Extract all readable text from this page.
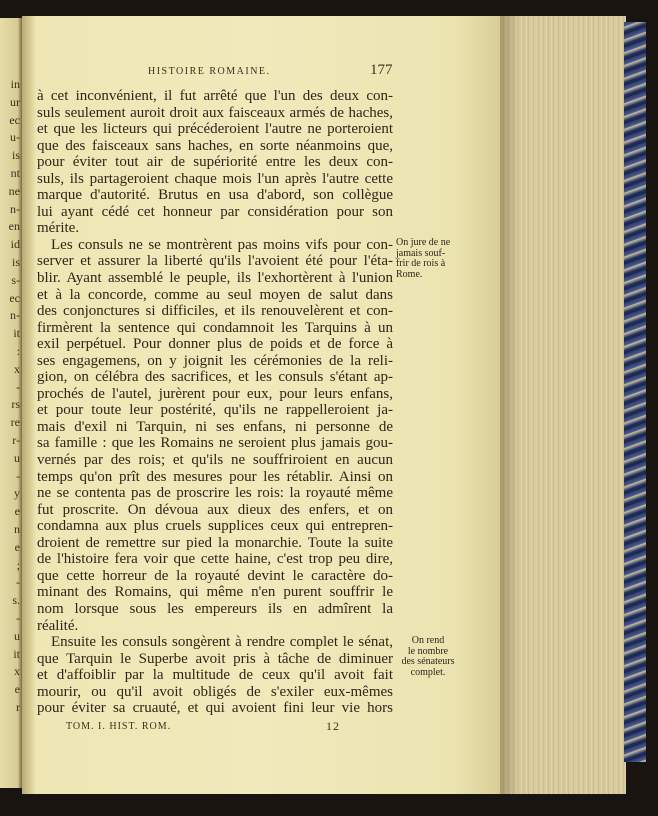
in
ur
ec
u-
is
nt
ne
n-
en
id
is
s-
ec
n-
it
:
x
-
rs
re
r-
u
-
y
e
n
e
;
-
s.
-
u
it
x
e
r
HISTOIRE ROMAINE.	177
à cet inconvénient, il fut arrêté que l'un des deux con-
suls seulement auroit droit aux faisceaux armés de haches,
et que les licteurs qui précéderoient l'autre ne porteroient
que des faisceaux sans haches, en sorte néanmoins que,
pour éviter tout air de supériorité entre les deux con-
suls, ils partageroient chaque mois l'un après l'autre cette
marque d'autorité. Brutus en usa d'abord, son collègue
lui ayant cédé cet honneur par considération pour son
mérite.
Les consuls ne se montrèrent pas moins vifs pour con-
server et assurer la liberté qu'ils l'avoient été pour l'éta-
blir. Ayant assemblé le peuple, ils l'exhortèrent à l'union
et à la concorde, comme au seul moyen de salut dans
des conjonctures si difficiles, et ils renouvelèrent et con-
firmèrent la sentence qui condamnoit les Tarquins à un
exil perpétuel. Pour donner plus de poids et de force à
ses engagemens, on y joignit les cérémonies de la reli-
gion, on célébra des sacrifices, et les consuls s'étant ap-
prochés de l'autel, jurèrent pour eux, pour leurs enfans,
et pour toute leur postérité, qu'ils ne rappelleroient ja-
mais d'exil ni Tarquin, ni ses enfans, ni personne de
sa famille : que les Romains ne seroient plus jamais gou-
vernés par des rois; et qu'ils ne souffriroient en aucun
temps qu'on prît des mesures pour les rétablir. Ainsi on
ne se contenta pas de proscrire les rois: la royauté même
fut proscrite. On dévoua aux dieux des enfers, et on
condamna aux plus cruels supplices ceux qui entrepren-
droient de remettre sur pied la monarchie. Toute la suite
de l'histoire fera voir que cette haine, c'est trop peu dire,
que cette horreur de la royauté devint le caractère do-
minant des Romains, qui même n'en purent souffrir le
nom lorsque sous les empereurs ils en admîrent la
réalité.
Ensuite les consuls songèrent à rendre complet le sénat,
que Tarquin le Superbe avoit pris à tâche de diminuer
et d'affoiblir par la multitude de ceux qu'il avoit fait
mourir, ou qu'il avoit obligés de s'exiler eux-mêmes
pour éviter sa cruauté, et qui avoient fini leur vie hors
On jure de ne
jamais souf-
frir de rois à
Rome.
On rend
le nombre
des sénateurs
complet.
TOM. I. HIST. ROM.	12
